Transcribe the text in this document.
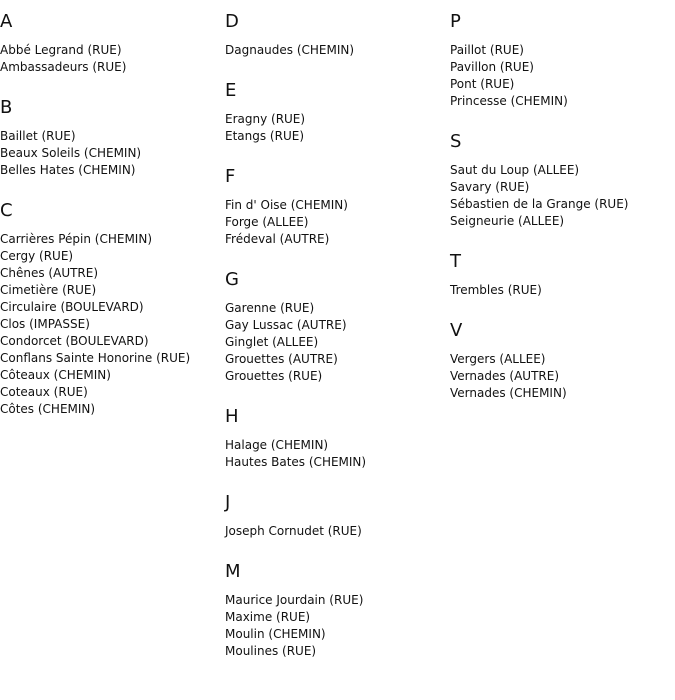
A
Abbé Legrand (RUE)
Ambassadeurs (RUE)
B
Baillet (RUE)
Beaux Soleils (CHEMIN)
Belles Hates (CHEMIN)
C
Carrières Pépin (CHEMIN)
Cergy (RUE)
Chênes (AUTRE)
Cimetière (RUE)
Circulaire (BOULEVARD)
Clos (IMPASSE)
Condorcet (BOULEVARD)
Conflans Sainte Honorine (RUE)
Côteaux (CHEMIN)
Coteaux (RUE)
Côtes (CHEMIN)
D
Dagnaudes (CHEMIN)
E
Eragny (RUE)
Etangs (RUE)
F
Fin d' Oise (CHEMIN)
Forge (ALLEE)
Frédeval (AUTRE)
G
Garenne (RUE)
Gay Lussac (AUTRE)
Ginglet (ALLEE)
Grouettes (AUTRE)
Grouettes (RUE)
H
Halage (CHEMIN)
Hautes Bates (CHEMIN)
J
Joseph Cornudet (RUE)
M
Maurice Jourdain (RUE)
Maxime (RUE)
Moulin (CHEMIN)
Moulines (RUE)
P
Paillot (RUE)
Pavillon (RUE)
Pont (RUE)
Princesse (CHEMIN)
S
Saut du Loup (ALLEE)
Savary (RUE)
Sébastien de la Grange (RUE)
Seigneurie (ALLEE)
T
Trembles (RUE)
V
Vergers (ALLEE)
Vernades (AUTRE)
Vernades (CHEMIN)
